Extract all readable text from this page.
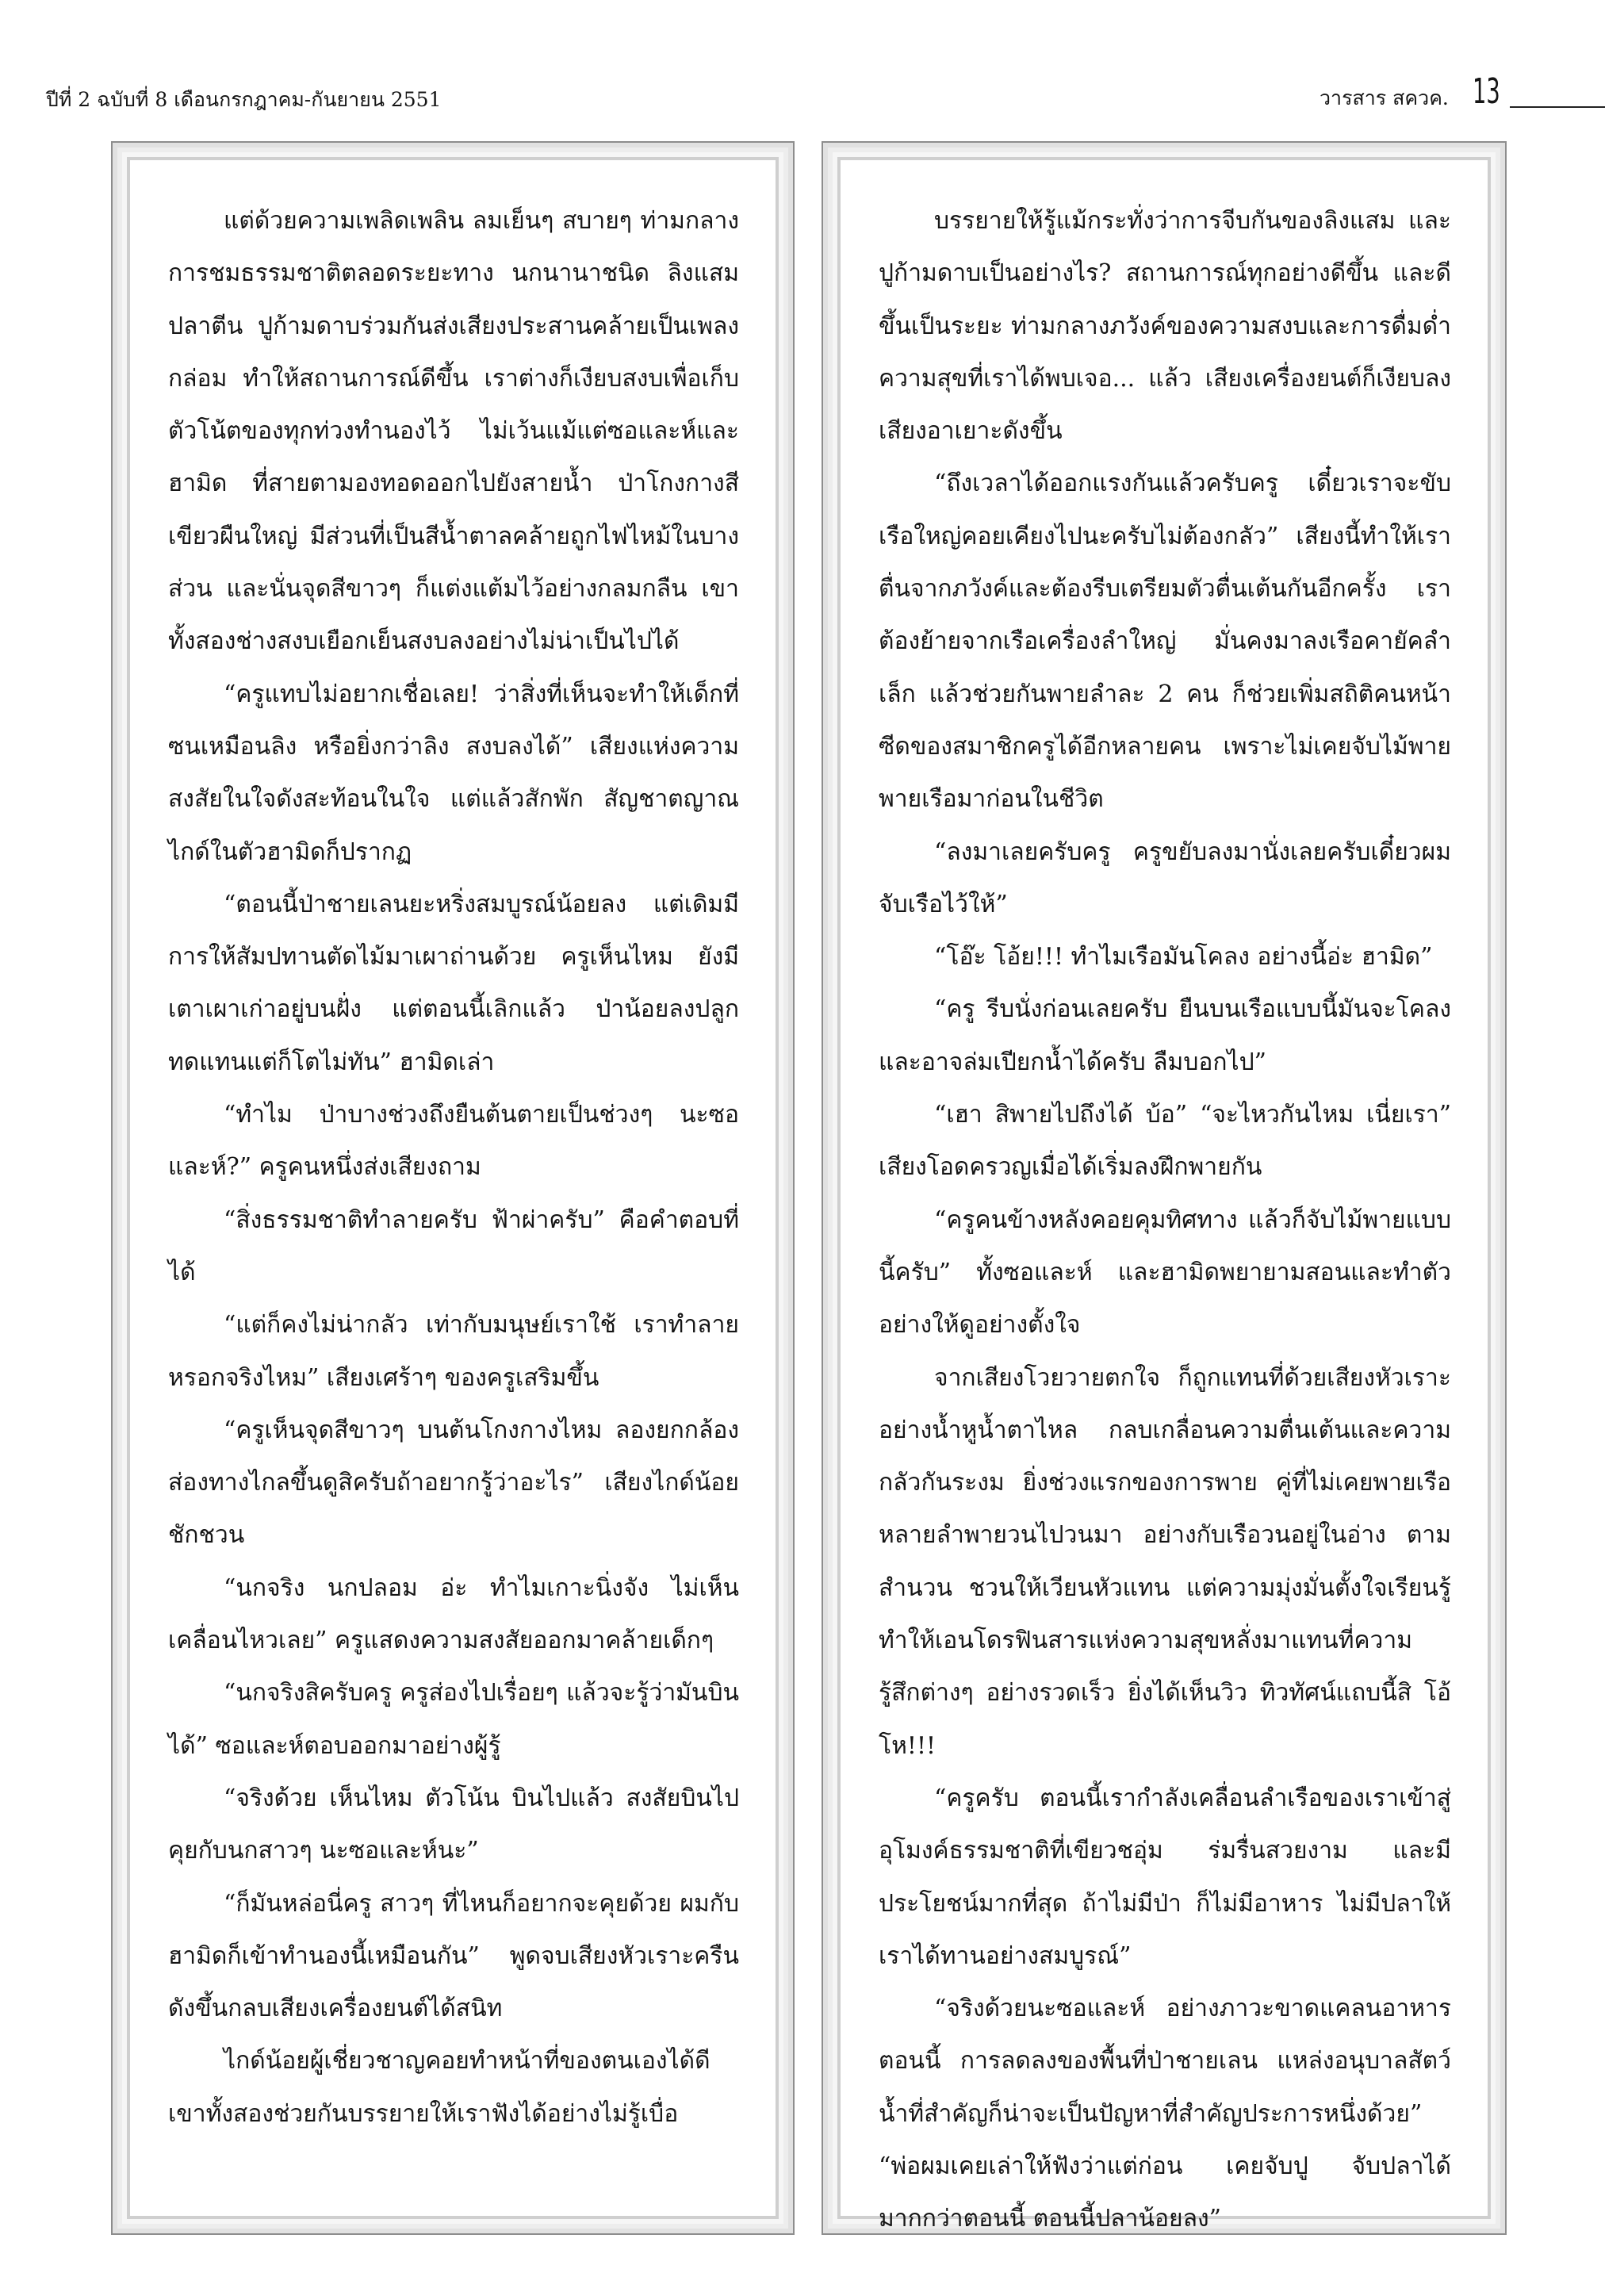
ปีที่ 2 ฉบับที่ 8 เดือนกรกฎาคม-กันยายน 2551	วารสาร สควค. 13

แต่ด้วยความเพลิดเพลิน ลมเย็นๆ สบายๆ ท่ามกลางการชมธรรมชาติตลอดระยะทาง นกนานาชนิด ลิงแสม ปลาตีน ปูก้ามดาบร่วมกันส่งเสียงประสานคล้ายเป็นเพลงกล่อม ทำให้สถานการณ์ดีขึ้น เราต่างก็เงียบสงบเพื่อเก็บตัวโน้ตของทุกท่วงทำนองไว้ ไม่เว้นแม้แต่ซอและห์และฮามิด ที่สายตามองทอดออกไปยังสายน้ำ ป่าโกงกางสีเขียวผืนใหญ่ มีส่วนที่เป็นสีน้ำตาลคล้ายถูกไฟไหม้ในบางส่วน และนั่นจุดสีขาวๆ ก็แต่งแต้มไว้อย่างกลมกลืน เขาทั้งสองช่างสงบเยือกเย็นสงบลงอย่างไม่น่าเป็นไปได้

“ครูแทบไม่อยากเชื่อเลย! ว่าสิ่งที่เห็นจะทำให้เด็กที่ซนเหมือนลิง หรือยิ่งกว่าลิง สงบลงได้” เสียงแห่งความสงสัยในใจดังสะท้อนในใจ แต่แล้วสักพัก สัญชาตญาณไกด์ในตัวฮามิดก็ปรากฏ

“ตอนนี้ป่าชายเลนยะหริ่งสมบูรณ์น้อยลง แต่เดิมมีการให้สัมปทานตัดไม้มาเผาถ่านด้วย ครูเห็นไหม ยังมีเตาเผาเก่าอยู่บนฝั่ง แต่ตอนนี้เลิกแล้ว ป่าน้อยลงปลูกทดแทนแต่ก็โตไม่ทัน” ฮามิดเล่า

“ทำไม ป่าบางช่วงถึงยืนต้นตายเป็นช่วงๆ นะซอและห์?” ครูคนหนึ่งส่งเสียงถาม

“สิ่งธรรมชาติทำลายครับ ฟ้าผ่าครับ” คือคำตอบที่ได้

“แต่ก็คงไม่น่ากลัว เท่ากับมนุษย์เราใช้ เราทำลายหรอกจริงไหม” เสียงเศร้าๆ ของครูเสริมขึ้น

“ครูเห็นจุดสีขาวๆ บนต้นโกงกางไหม ลองยกกล้องส่องทางไกลขึ้นดูสิครับถ้าอยากรู้ว่าอะไร” เสียงไกด์น้อยชักชวน

“นกจริง นกปลอม อ่ะ ทำไมเกาะนิ่งจัง ไม่เห็นเคลื่อนไหวเลย” ครูแสดงความสงสัยออกมาคล้ายเด็กๆ

“นกจริงสิครับครู ครูส่องไปเรื่อยๆ แล้วจะรู้ว่ามันบินได้” ซอและห์ตอบออกมาอย่างผู้รู้

“จริงด้วย เห็นไหม ตัวโน้น บินไปแล้ว สงสัยบินไปคุยกับนกสาวๆ นะซอและห์นะ”

“ก็มันหล่อนี่ครู สาวๆ ที่ไหนก็อยากจะคุยด้วย ผมกับฮามิดก็เข้าทำนองนี้เหมือนกัน” พูดจบเสียงหัวเราะครืนดังขึ้นกลบเสียงเครื่องยนต์ได้สนิท

ไกด์น้อยผู้เชี่ยวชาญคอยทำหน้าที่ของตนเองได้ดี เขาทั้งสองช่วยกันบรรยายให้เราฟังได้อย่างไม่รู้เบื่อ

บรรยายให้รู้แม้กระทั่งว่าการจีบกันของลิงแสม และปูก้ามดาบเป็นอย่างไร? สถานการณ์ทุกอย่างดีขึ้น และดีขึ้นเป็นระยะ ท่ามกลางภวังค์ของความสงบและการดื่มด่ำความสุขที่เราได้พบเจอ... แล้ว เสียงเครื่องยนต์ก็เงียบลง เสียงอาเยาะดังขึ้น

“ถึงเวลาได้ออกแรงกันแล้วครับครู เดี๋ยวเราจะขับเรือใหญ่คอยเคียงไปนะครับไม่ต้องกลัว” เสียงนี้ทำให้เราตื่นจากภวังค์และต้องรีบเตรียมตัวตื่นเต้นกันอีกครั้ง เราต้องย้ายจากเรือเครื่องลำใหญ่ มั่นคงมาลงเรือคายัคลำเล็ก แล้วช่วยกันพายลำละ 2 คน ก็ช่วยเพิ่มสถิติคนหน้าซีดของสมาชิกครูได้อีกหลายคน เพราะไม่เคยจับไม้พาย พายเรือมาก่อนในชีวิต

“ลงมาเลยครับครู ครูขยับลงมานั่งเลยครับเดี๋ยวผมจับเรือไว้ให้”

“โอ๊ะ โอ้ย!!! ทำไมเรือมันโคลง อย่างนี้อ่ะ ฮามิด”

“ครู รีบนั่งก่อนเลยครับ ยืนบนเรือแบบนี้มันจะโคลงและอาจล่มเปียกน้ำได้ครับ ลืมบอกไป”

“เฮา สิพายไปถึงได้ บ้อ” “จะไหวกันไหม เนี่ยเรา” เสียงโอดครวญเมื่อได้เริ่มลงฝึกพายกัน

“ครูคนข้างหลังคอยคุมทิศทาง แล้วก็จับไม้พายแบบนี้ครับ” ทั้งซอและห์ และฮามิดพยายามสอนและทำตัวอย่างให้ดูอย่างตั้งใจ

จากเสียงโวยวายตกใจ ก็ถูกแทนที่ด้วยเสียงหัวเราะอย่างน้ำหูน้ำตาไหล กลบเกลื่อนความตื่นเต้นและความกลัวกันระงม ยิ่งช่วงแรกของการพาย คู่ที่ไม่เคยพายเรือ หลายลำพายวนไปวนมา อย่างกับเรือวนอยู่ในอ่าง ตามสำนวน ชวนให้เวียนหัวแทน แต่ความมุ่งมั่นตั้งใจเรียนรู้ทำให้เอนโดรฟินสารแห่งความสุขหลั่งมาแทนที่ความรู้สึกต่างๆ อย่างรวดเร็ว ยิ่งได้เห็นวิว ทิวทัศน์แถบนี้สิ โอ้โห!!!

“ครูครับ ตอนนี้เรากำลังเคลื่อนลำเรือของเราเข้าสู่อุโมงค์ธรรมชาติที่เขียวชอุ่ม ร่มรื่นสวยงาม และมีประโยชน์มากที่สุด ถ้าไม่มีป่า ก็ไม่มีอาหาร ไม่มีปลาให้เราได้ทานอย่างสมบูรณ์”

“จริงด้วยนะซอและห์ อย่างภาวะขาดแคลนอาหารตอนนี้ การลดลงของพื้นที่ป่าชายเลน แหล่งอนุบาลสัตว์น้ำที่สำคัญก็น่าจะเป็นปัญหาที่สำคัญประการหนึ่งด้วย” “พ่อผมเคยเล่าให้ฟังว่าแต่ก่อน เคยจับปู จับปลาได้มากกว่าตอนนี้ ตอนนี้ปลาน้อยลง”
